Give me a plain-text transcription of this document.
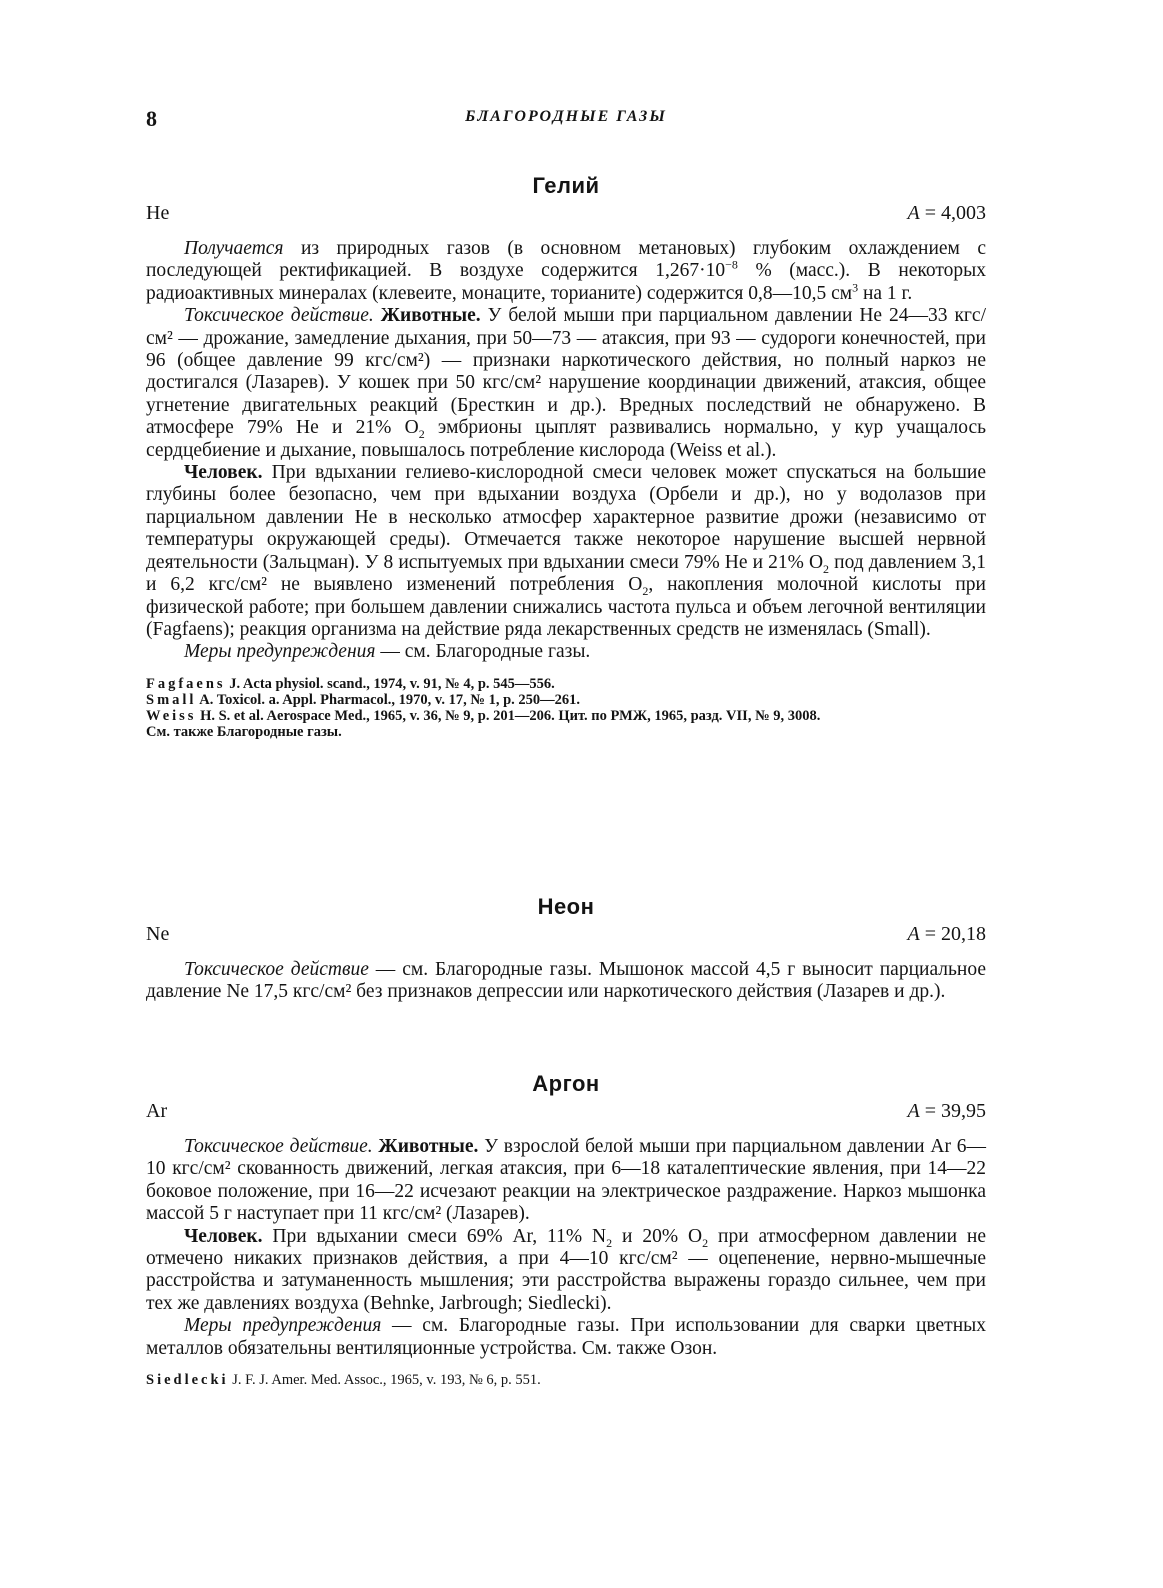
8	БЛАГОРОДНЫЕ ГАЗЫ
Гелий
He	A = 4,003

Получается из природных газов (в основном метановых) глубоким охлаждением с последующей ректификацией. В воздухе содержится $1,267\cdot 10^{-8}$ % (масс.). В некоторых радиоактивных минералах (клевеите, монаците, торианите) содержится 0,8—10,5 $см^3$ на 1 г.

Токсическое действие. Животные. У белой мыши при парциальном давлении He 24—33 кгс/см² — дрожание, замедление дыхания, при 50—73 — атаксия, при 93 — судороги конечностей, при 96 (общее давление 99 кгс/см²) — признаки наркотического действия, но полный наркоз не достигался (Лазарев). У кошек при 50 кгс/см² нарушение координации движений, атаксия, общее угнетение двигательных реакций (Бресткин и др.). Вредных последствий не обнаружено. В атмосфере 79% He и 21% $O_2$ эмбрионы цыплят развивались нормально, у кур учащалось сердцебиение и дыхание, повышалось потребление кислорода (Weiss et al.).

Человек. При вдыхании гелиево-кислородной смеси человек может спускаться на большие глубины более безопасно, чем при вдыхании воздуха (Орбели и др.), но у водолазов при парциальном давлении He в несколько атмосфер характерное развитие дрожи (независимо от температуры окружающей среды). Отмечается также некоторое нарушение высшей нервной деятельности (Зальцман). У 8 испытуемых при вдыхании смеси 79% He и 21% $O_2$ под давлением 3,1 и 6,2 кгс/см² не выявлено изменений потребления $O_2$, накопления молочной кислоты при физической работе; при большем давлении снижались частота пульса и объем легочной вентиляции (Fagfaens); реакция организма на действие ряда лекарственных средств не изменялась (Small).

Меры предупреждения — см. Благородные газы.

Fagfaens J. Acta physiol. scand., 1974, v. 91, № 4, p. 545—556.
Small A. Toxicol. a. Appl. Pharmacol., 1970, v. 17, № 1, p. 250—261.
Weiss H. S. et al. Aerospace Med., 1965, v. 36, № 9, p. 201—206. Цит. по РМЖ, 1965, разд. VII, № 9, 3008.
См. также Благородные газы.
Неон
Ne	A = 20,18

Токсическое действие — см. Благородные газы. Мышонок массой 4,5 г выносит парциальное давление Ne 17,5 кгс/см² без признаков депрессии или наркотического действия (Лазарев и др.).

Аргон
Ar	A = 39,95

Токсическое действие. Животные. У взрослой белой мыши при парциальном давлении Ar 6—10 кгс/см² скованность движений, легкая атаксия, при 6—18 каталептические явления, при 14—22 боковое положение, при 16—22 исчезают реакции на электрическое раздражение. Наркоз мышонка массой 5 г наступает при 11 кгс/см² (Лазарев).

Человек. При вдыхании смеси 69% Ar, 11% $N_2$ и 20% $O_2$ при атмосферном давлении не отмечено никаких признаков действия, а при 4—10 кгс/см² — оцепенение, нервно-мышечные расстройства и затуманенность мышления; эти расстройства выражены гораздо сильнее, чем при тех же давлениях воздуха (Behnke, Jarbrough; Siedlecki).

Меры предупреждения — см. Благородные газы. При использовании для сварки цветных металлов обязательны вентиляционные устройства. См. также Озон.

Siedlecki J. F. J. Amer. Med. Assoc., 1965, v. 193, № 6, p. 551.
